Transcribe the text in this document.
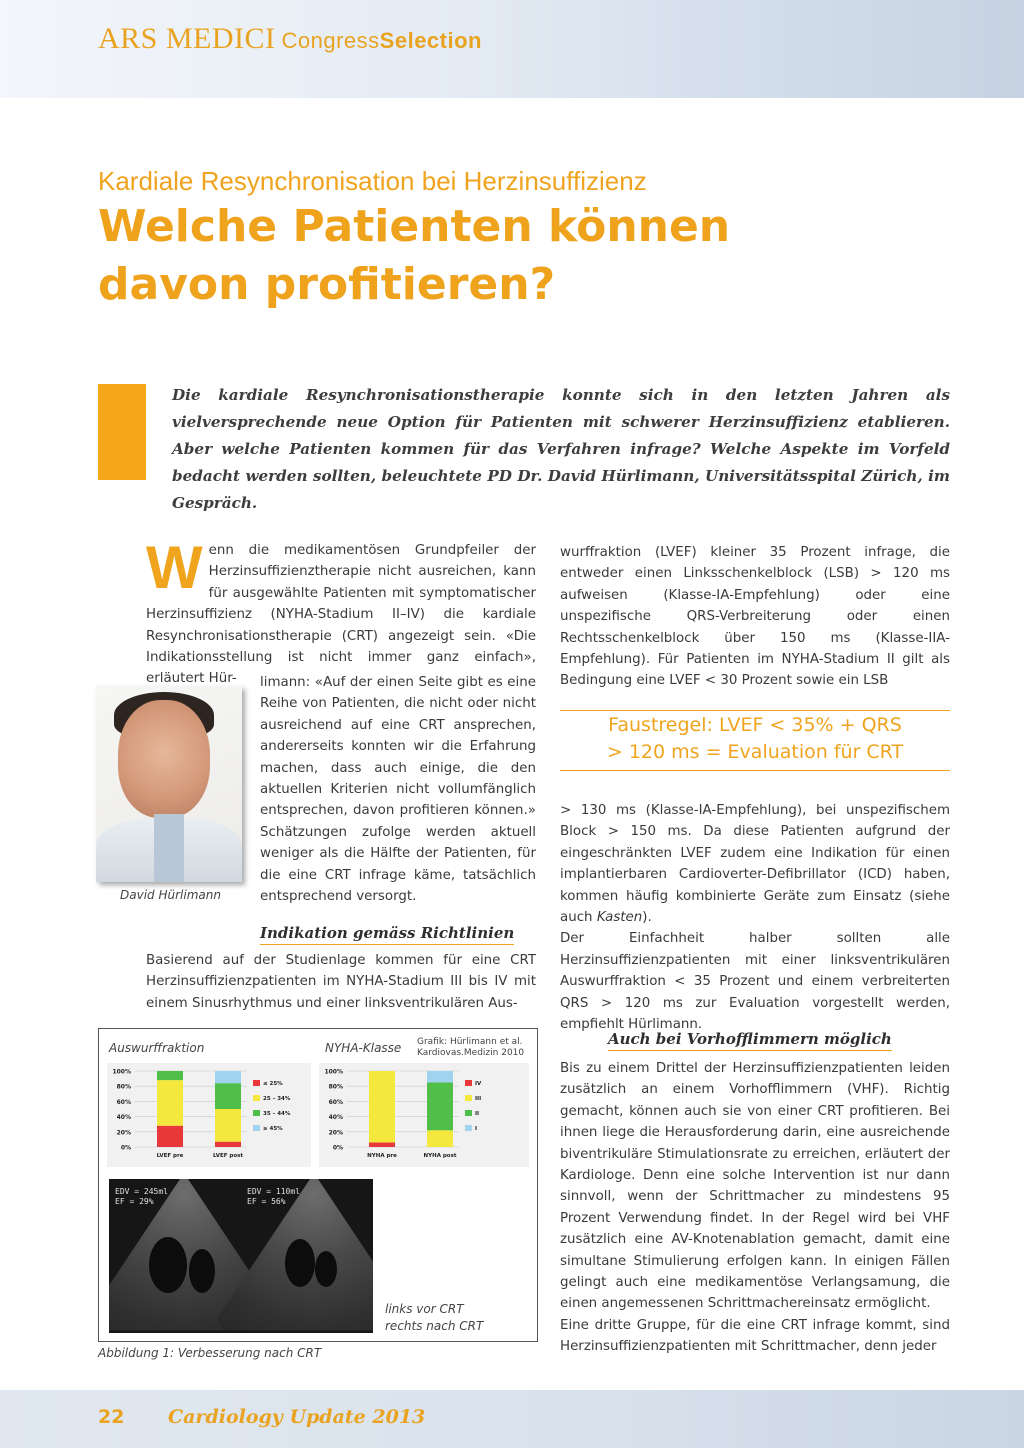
ARS MEDICI CongressSelection
Kardiale Resynchronisation bei Herzinsuffizienz
Welche Patienten können
davon profitieren?
Die kardiale Resynchronisationstherapie konnte sich in den letzten Jahren als vielversprechende neue Option für Patienten mit schwerer Herzinsuffizienz etablieren. Aber welche Patienten kommen für das Verfahren infrage? Welche Aspekte im Vorfeld bedacht werden sollten, beleuchtete PD Dr. David Hürlimann, Universitätsspital Zürich, im Gespräch.

Wenn die medikamentösen Grundpfeiler der Herzinsuffizienztherapie nicht ausreichen, kann für ausgewählte Patienten mit symptomatischer Herzinsuffizienz (NYHA-Stadium II–IV) die kardiale Resynchronisationstherapie (CRT) angezeigt sein. «Die Indikationsstellung ist nicht immer ganz einfach», erläutert Hür-	limann: «Auf der einen Seite gibt es eine Reihe von Patienten, die nicht oder nicht ausreichend auf eine CRT ansprechen, andererseits konnten wir die Erfahrung machen, dass auch einige, die den aktuellen Kriterien nicht vollumfänglich entsprechen, davon profitieren können.» Schätzungen zufolge werden aktuell weniger als die Hälfte der Patienten, für die eine CRT infrage käme, tatsächlich entsprechend versorgt.

David Hürlimann
Indikation gemäss Richtlinien

Basierend auf der Studienlage kommen für eine CRT Herzinsuffizienzpatienten im NYHA-Stadium III bis IV mit einem Sinusrhythmus und einer linksventrikulären Aus-

wurffraktion (LVEF) kleiner 35 Prozent infrage, die entweder einen Linksschenkelblock (LSB) > 120 ms aufweisen (Klasse-IA-Empfehlung) oder eine unspezifische QRS-Verbreiterung oder einen Rechtsschenkelblock über 150 ms (Klasse-IIA-Empfehlung). Für Patienten im NYHA-Stadium II gilt als Bedingung eine LVEF < 30 Prozent sowie ein LSB

Faustregel: LVEF < 35% + QRS
> 120 ms = Evaluation für CRT

> 130 ms (Klasse-IA-Empfehlung), bei unspezifischem Block > 150 ms. Da diese Patienten aufgrund der eingeschränkten LVEF zudem eine Indikation für einen implantierbaren Cardioverter-Defibrillator (ICD) haben, kommen häufig kombinierte Geräte zum Einsatz (siehe auch Kasten).

Der Einfachheit halber sollten alle Herzinsuffizienzpatienten mit einer linksventrikulären Auswurffraktion < 35 Prozent und einem verbreiterten QRS > 120 ms zur Evaluation vorgestellt werden, empfiehlt Hürlimann.

Auch bei Vorhofflimmern möglich

Bis zu einem Drittel der Herzinsuffizienzpatienten leiden zusätzlich an einem Vorhofflimmern (VHF). Richtig gemacht, können auch sie von einer CRT profitieren. Bei ihnen liege die Herausforderung darin, eine ausreichende biventrikuläre Stimulationsrate zu erreichen, erläutert der Kardiologe. Denn eine solche Intervention ist nur dann sinnvoll, wenn der Schrittmacher zu mindestens 95 Prozent Verwendung findet. In der Regel wird bei VHF zusätzlich eine AV-Knotenablation gemacht, damit eine simultane Stimulierung erfolgen kann. In einigen Fällen gelingt auch eine medikamentöse Verlangsamung, die einen angemessenen Schrittmachereinsatz ermöglicht.

Eine dritte Gruppe, für die eine CRT infrage kommt, sind Herzinsuffizienzpatienten mit Schrittmacher, denn jeder

Auswurffraktion	NYHA-Klasse Grafik: Hürlimann et al.
Kardiovas.Medizin 2010
0%
20%
40%
60%
80%
100%
LVEF pre	LVEF post
≤ 25%
25 – 34%
35 – 44%
≥ 45%
0%
20%
40%
60%
80%
100%
NYHA pre	NYHA post
IV
III
II
I
EDV = 245ml
EF = 29%
EDV = 110ml
EF = 56%
links vor CRT
rechts nach CRT
Abbildung 1: Verbesserung nach CRT
22 Cardiology Update 2013
